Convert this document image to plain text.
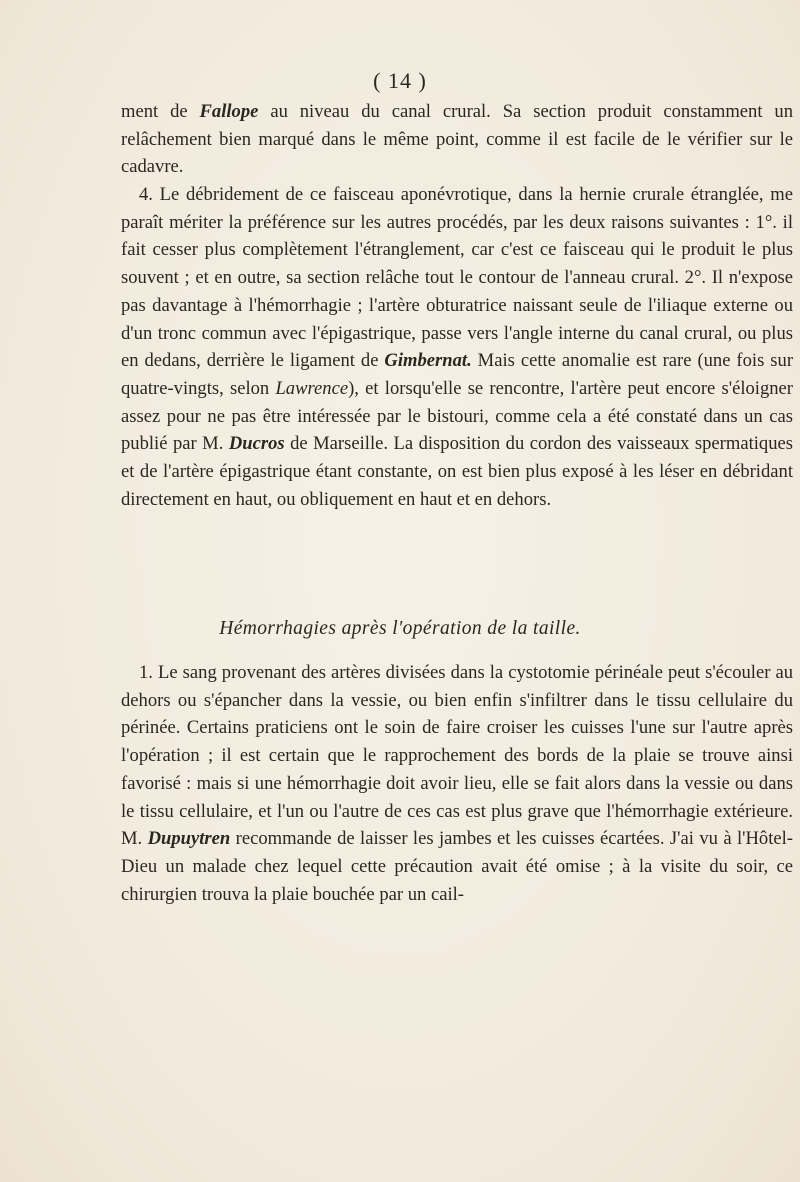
( 14 )

ment de Fallope au niveau du canal crural. Sa section produit constamment un relâchement bien marqué dans le même point, comme il est facile de le vérifier sur le cadavre.

4. Le débridement de ce faisceau aponévrotique, dans la hernie crurale étranglée, me paraît mériter la préférence sur les autres procédés, par les deux raisons suivantes : 1°. il fait cesser plus complètement l'étranglement, car c'est ce faisceau qui le produit le plus souvent ; et en outre, sa section relâche tout le contour de l'anneau crural. 2°. Il n'expose pas davantage à l'hémorrhagie ; l'artère obturatrice naissant seule de l'iliaque externe ou d'un tronc commun avec l'épigastrique, passe vers l'angle interne du canal crural, ou plus en dedans, derrière le ligament de Gimbernat. Mais cette anomalie est rare (une fois sur quatre-vingts, selon Lawrence), et lorsqu'elle se rencontre, l'artère peut encore s'éloigner assez pour ne pas être intéressée par le bistouri, comme cela a été constaté dans un cas publié par M. Ducros de Marseille. La disposition du cordon des vaisseaux spermatiques et de l'artère épigastrique étant constante, on est bien plus exposé à les léser en débridant directement en haut, ou obliquement en haut et en dehors.

Hémorrhagies après l'opération de la taille.

1. Le sang provenant des artères divisées dans la cystotomie périnéale peut s'écouler au dehors ou s'épancher dans la vessie, ou bien enfin s'infiltrer dans le tissu cellulaire du périnée. Certains praticiens ont le soin de faire croiser les cuisses l'une sur l'autre après l'opération ; il est certain que le rapprochement des bords de la plaie se trouve ainsi favorisé : mais si une hémorrhagie doit avoir lieu, elle se fait alors dans la vessie ou dans le tissu cellulaire, et l'un ou l'autre de ces cas est plus grave que l'hémorrhagie extérieure. M. Dupuytren recommande de laisser les jambes et les cuisses écartées. J'ai vu à l'Hôtel-Dieu un malade chez lequel cette précaution avait été omise ; à la visite du soir, ce chirurgien trouva la plaie bouchée par un cail-
